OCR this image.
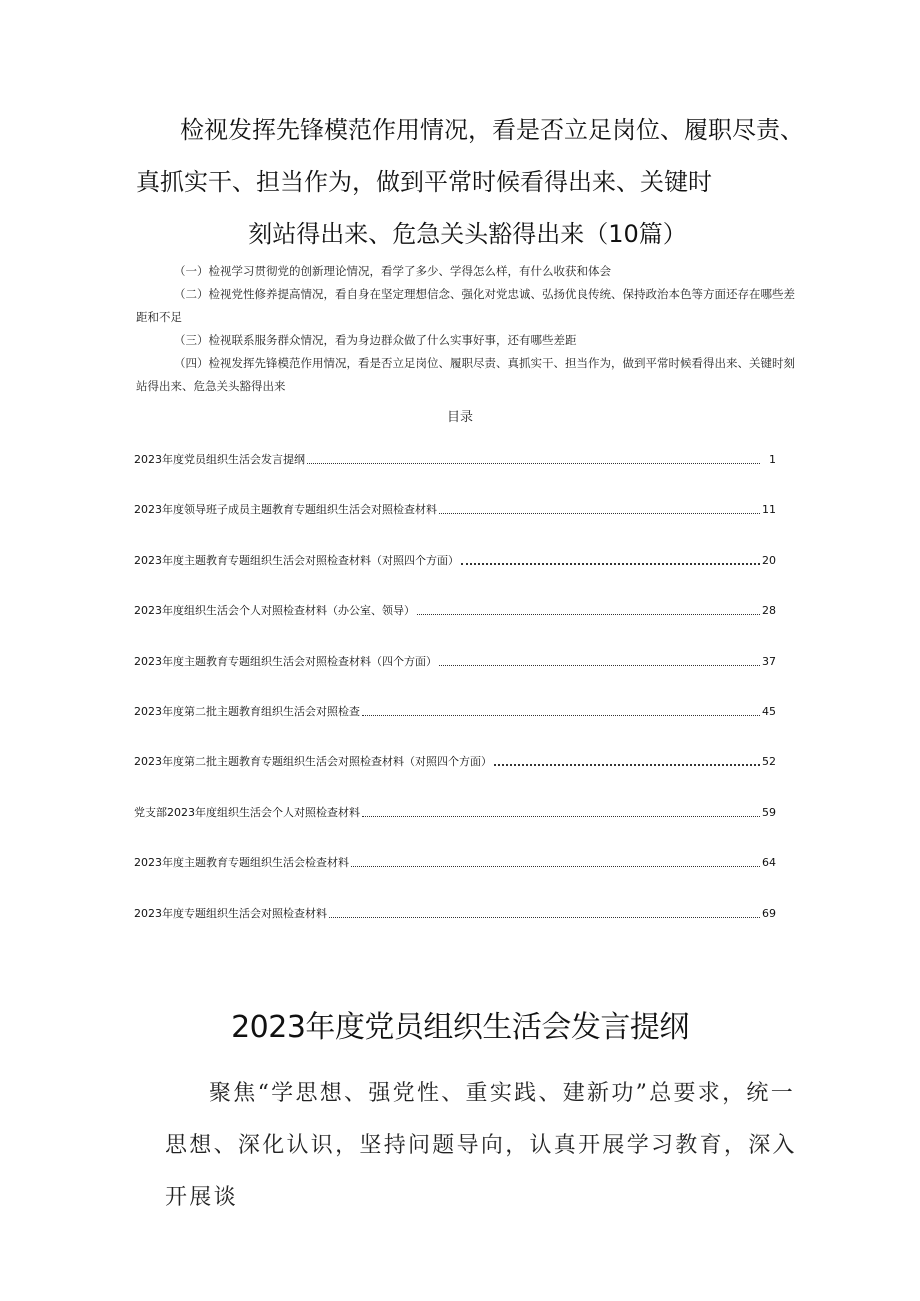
检视发挥先锋模范作用情况，看是否立足岗位、履职尽责、
真抓实干、担当作为，做到平常时候看得出来、关键时
刻站得出来、危急关头豁得出来（10篇）

（一）检视学习贯彻党的创新理论情况，看学了多少、学得怎么样，有什么收获和体会

（二）检视党性修养提高情况，看自身在坚定理想信念、强化对党忠诚、弘扬优良传统、保持政治本色等方面还存在哪些差距和不足

（三）检视联系服务群众情况，看为身边群众做了什么实事好事，还有哪些差距

（四）检视发挥先锋模范作用情况，看是否立足岗位、履职尽责、真抓实干、担当作为，做到平常时候看得出来、关键时刻站得出来、危急关头豁得出来

目录
2023年度党员组织生活会发言提纲	1
2023年度领导班子成员主题教育专题组织生活会对照检查材料	11
2023年度主题教育专题组织生活会对照检查材料（对照四个方面）	20
2023年度组织生活会个人对照检查材料（办公室、领导）	28
2023年度主题教育专题组织生活会对照检查材料（四个方面）	37
2023年度第二批主题教育组织生活会对照检查	45
2023年度第二批主题教育专题组织生活会对照检查材料（对照四个方面）	52
党支部2023年度组织生活会个人对照检查材料	59
2023年度主题教育专题组织生活会检查材料	64
2023年度专题组织生活会对照检查材料	69
2023年度党员组织生活会发言提纲

聚焦“学思想、强党性、重实践、建新功”总要求，统一思想、深化认识，坚持问题导向，认真开展学习教育，深入开展谈
